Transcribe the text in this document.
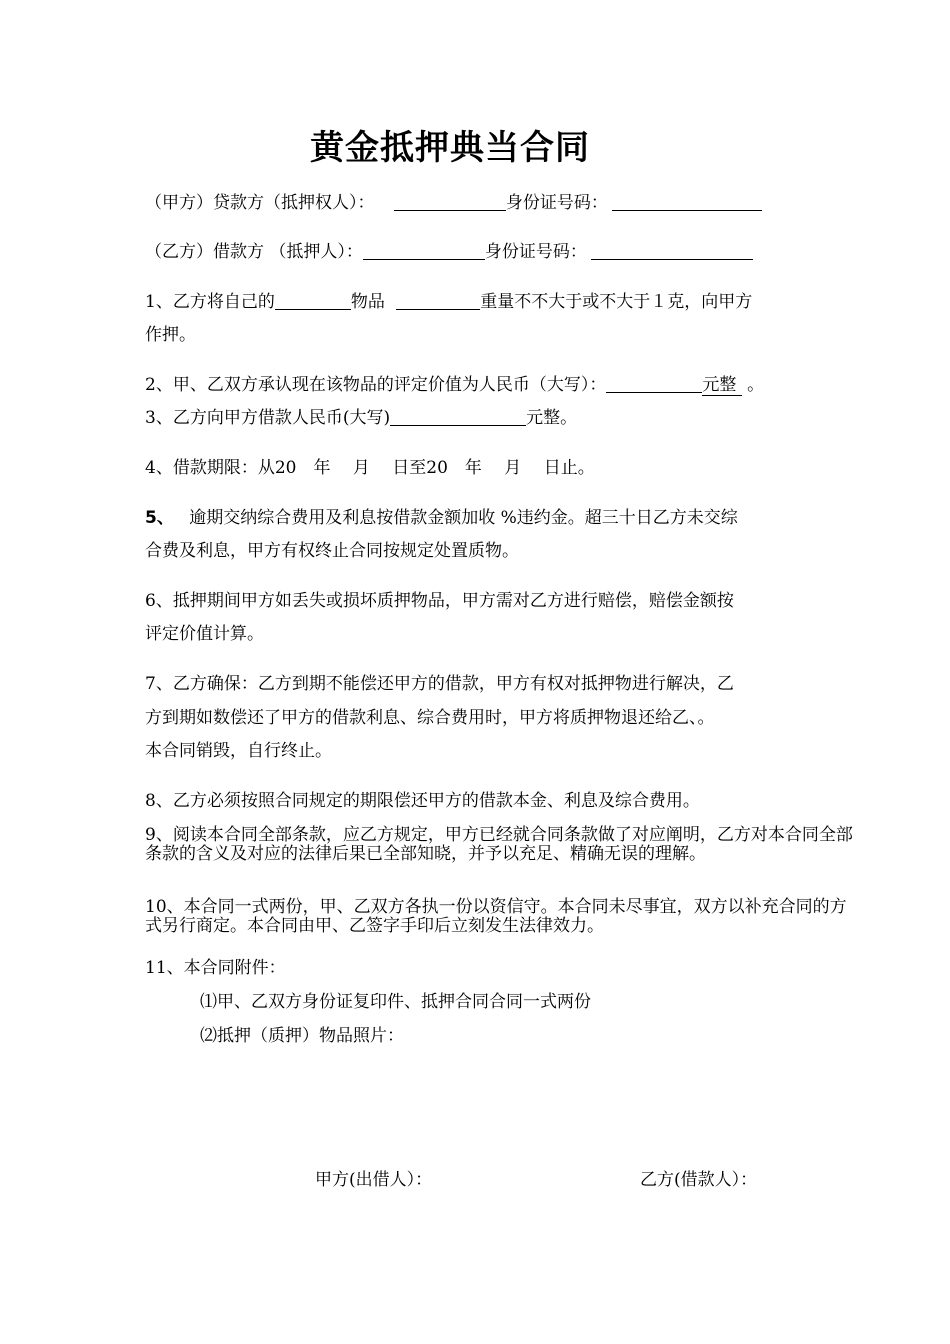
黄金抵押典当合同
（甲方）贷款方（抵押权人）：	身份证号码：
（乙方）借款方 （抵押人）：	身份证号码：
1、乙方将自己的	物品	重量不不大于或不大于１克，向甲方
作押。
2、甲、乙双方承认现在该物品的评定价值为人民币（大写）：	元整 。
3、乙方向甲方借款人民币(大写)	元整。
4、借款期限：从20　年　 月 　日至20　年　 月　 日止。
5、 逾期交纳综合费用及利息按借款金额加收 %违约金。超三十日乙方未交综
合费及利息，甲方有权终止合同按规定处置质物。
6、抵押期间甲方如丢失或损坏质押物品，甲方需对乙方进行赔偿，赔偿金额按
评定价值计算。
7、乙方确保：乙方到期不能偿还甲方的借款，甲方有权对抵押物进行解决，乙
方到期如数偿还了甲方的借款利息、综合费用时，甲方将质押物退还给乙、。
本合同销毁，自行终止。
8、乙方必须按照合同规定的期限偿还甲方的借款本金、利息及综合费用。
9、阅读本合同全部条款，应乙方规定，甲方已经就合同条款做了对应阐明，乙方对本合同全部条款的含义及对应的法律后果已全部知晓，并予以充足、精确无误的理解。
10、本合同一式两份，甲、乙双方各执一份以资信守。本合同未尽事宜，双方以补充合同的方式另行商定。本合同由甲、乙签字手印后立刻发生法律效力。
11、本合同附件：
⑴甲、乙双方身份证复印件、抵押合同合同一式两份
⑵抵押（质押）物品照片：
甲方(出借人）：	乙方(借款人）：
